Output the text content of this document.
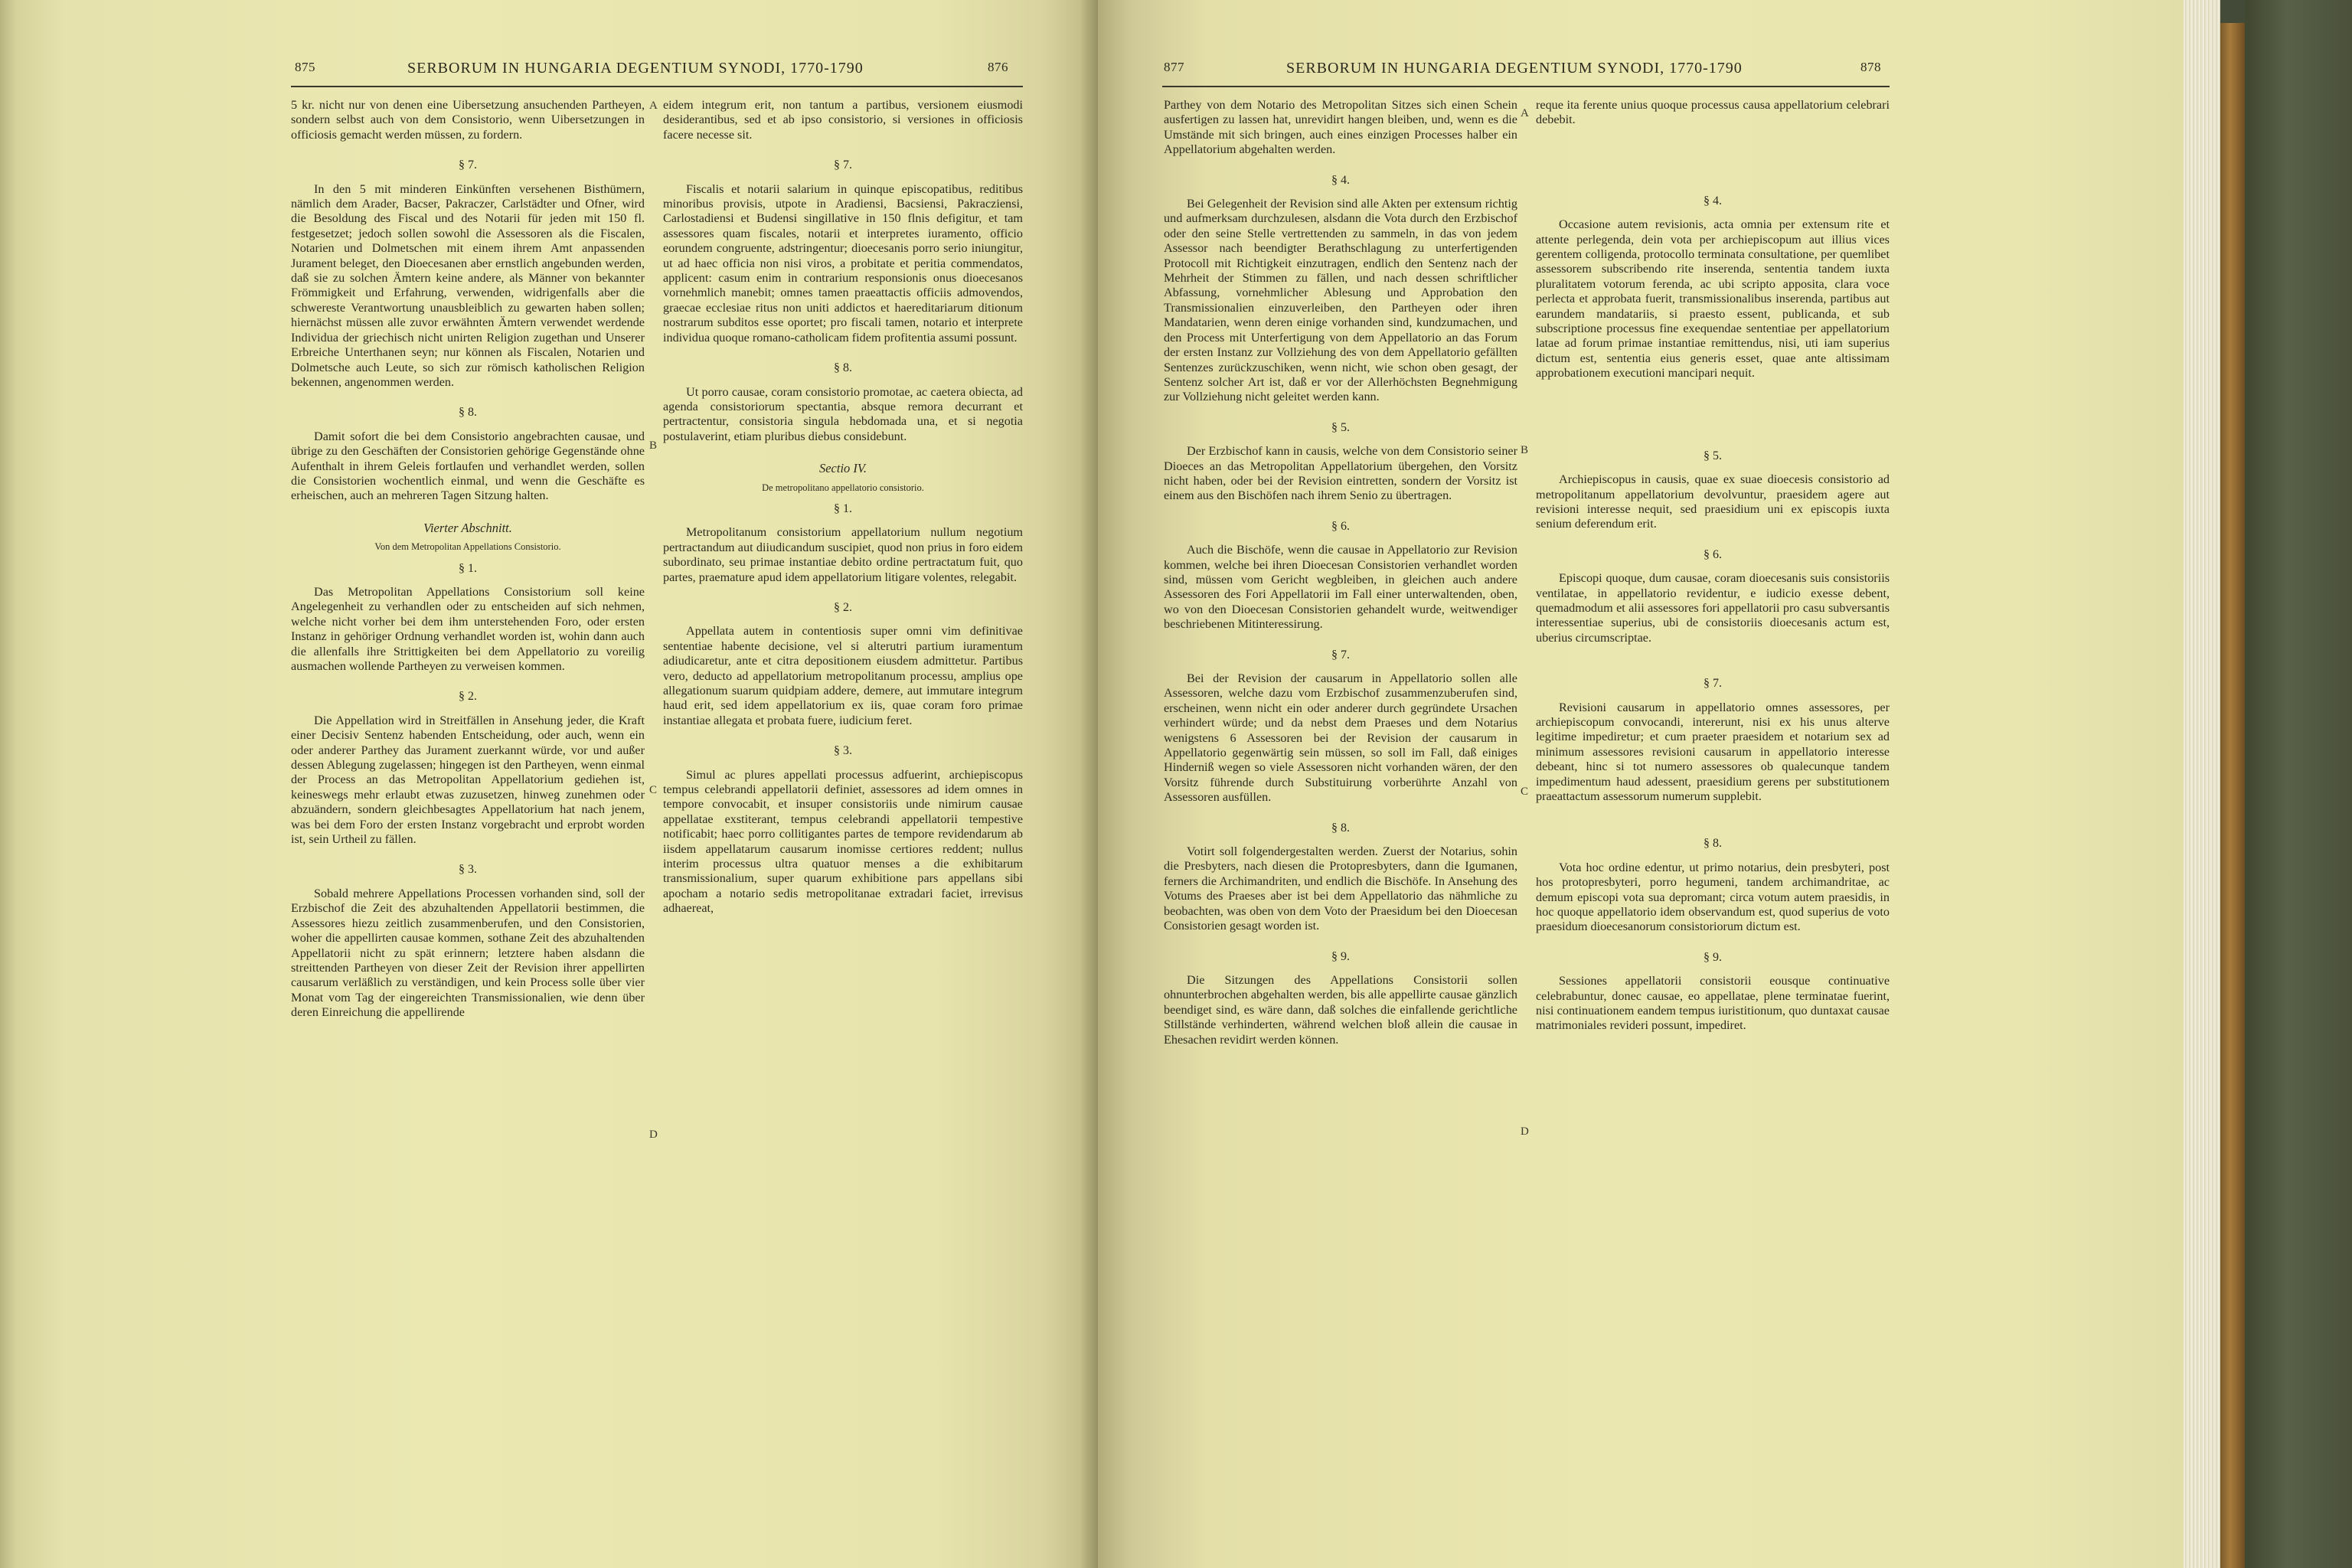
875	SERBORUM IN HUNGARIA DEGENTIUM SYNODI, 1770-1790	876

5 kr. nicht nur von denen eine Uibersetzung ansuchenden Partheyen, sondern selbst auch von dem Consistorio, wenn Uibersetzungen in officiosis gemacht werden müssen, zu fordern.

§ 7.

In den 5 mit minderen Einkünften versehenen Bisthümern, nämlich dem Arader, Bacser, Pakraczer, Carlstädter und Ofner, wird die Besoldung des Fiscal und des Notarii für jeden mit 150 fl. festgesetzet; jedoch sollen sowohl die Assessoren als die Fiscalen, Notarien und Dolmetschen mit einem ihrem Amt anpassenden Jurament beleget, den Dioecesanen aber ernstlich angebunden werden, daß sie zu solchen Ämtern keine andere, als Männer von bekannter Frömmigkeit und Erfahrung, verwenden, widrigenfalls aber die schwereste Verantwortung unausbleiblich zu gewarten haben sollen; hiernächst müssen alle zuvor erwähnten Ämtern verwendet werdende Individua der griechisch nicht unirten Religion zugethan und Unserer Erbreiche Unterthanen seyn; nur können als Fiscalen, Notarien und Dolmetsche auch Leute, so sich zur römisch katholischen Religion bekennen, angenommen werden.

§ 8.

Damit sofort die bei dem Consistorio angebrachten causae, und übrige zu den Geschäften der Consistorien gehörige Gegenstände ohne Aufenthalt in ihrem Geleis fortlaufen und verhandlet werden, sollen die Consistorien wochentlich einmal, und wenn die Geschäfte es erheischen, auch an mehreren Tagen Sitzung halten.

Vierter Abschnitt.
Von dem Metropolitan Appellations Consistorio.
§ 1.

Das Metropolitan Appellations Consistorium soll keine Angelegenheit zu verhandlen oder zu entscheiden auf sich nehmen, welche nicht vorher bei dem ihm unterstehenden Foro, oder ersten Instanz in gehöriger Ordnung verhandlet worden ist, wohin dann auch die allenfalls ihre Strittigkeiten bei dem Appellatorio zu voreilig ausmachen wollende Partheyen zu verweisen kommen.

§ 2.

Die Appellation wird in Streitfällen in Ansehung jeder, die Kraft einer Decisiv Sentenz habenden Entscheidung, oder auch, wenn ein oder anderer Parthey das Jurament zuerkannt würde, vor und außer dessen Ablegung zugelassen; hingegen ist den Partheyen, wenn einmal der Process an das Metropolitan Appellatorium gediehen ist, keineswegs mehr erlaubt etwas zuzusetzen, hinweg zunehmen oder abzuändern, sondern gleichbesagtes Appellatorium hat nach jenem, was bei dem Foro der ersten Instanz vorgebracht und erprobt worden ist, sein Urtheil zu fällen.

§ 3.

Sobald mehrere Appellations Processen vorhanden sind, soll der Erzbischof die Zeit des abzuhaltenden Appellatorii bestimmen, die Assessores hiezu zeitlich zusammenberufen, und den Consistorien, woher die appellirten causae kommen, sothane Zeit des abzuhaltenden Appellatorii nicht zu spät erinnern; letztere haben alsdann die streittenden Partheyen von dieser Zeit der Revision ihrer appellirten causarum verläßlich zu verständigen, und kein Process solle über vier Monat vom Tag der eingereichten Transmissionalien, wie denn über deren Einreichung die appellirende

eidem integrum erit, non tantum a partibus, versionem eiusmodi desiderantibus, sed et ab ipso consistorio, si versiones in officiosis facere necesse sit.

§ 7.

Fiscalis et notarii salarium in quinque episcopatibus, reditibus minoribus provisis, utpote in Aradiensi, Bacsiensi, Pakracziensi, Carlostadiensi et Budensi singillative in 150 flnis defigitur, et tam assessores quam fiscales, notarii et interpretes iuramento, officio eorundem congruente, adstringentur; dioecesanis porro serio iniungitur, ut ad haec officia non nisi viros, a probitate et peritia commendatos, applicent: casum enim in contrarium responsionis onus dioecesanos vornehmlich manebit; omnes tamen praeattactis officiis admovendos, graecae ecclesiae ritus non uniti addictos et haereditariarum ditionum nostrarum subditos esse oportet; pro fiscali tamen, notario et interprete individua quoque romano-catholicam fidem profitentia assumi possunt.

§ 8.

Ut porro causae, coram consistorio promotae, ac caetera obiecta, ad agenda consistoriorum spectantia, absque remora decurrant et pertractentur, consistoria singula hebdomada una, et si negotia postulaverint, etiam pluribus diebus considebunt.

Sectio IV.
De metropolitano appellatorio consistorio.
§ 1.

Metropolitanum consistorium appellatorium nullum negotium pertractandum aut diiudicandum suscipiet, quod non prius in foro eidem subordinato, seu primae instantiae debito ordine pertractatum fuit, quo partes, praemature apud idem appellatorium litigare volentes, relegabit.

§ 2.

Appellata autem in contentiosis super omni vim definitivae sententiae habente decisione, vel si alterutri partium iuramentum adiudicaretur, ante et citra depositionem eiusdem admittetur. Partibus vero, deducto ad appellatorium metropolitanum processu, amplius ope allegationum suarum quidpiam addere, demere, aut immutare integrum haud erit, sed idem appellatorium ex iis, quae coram foro primae instantiae allegata et probata fuere, iudicium feret.

§ 3.

Simul ac plures appellati processus adfuerint, archiepiscopus tempus celebrandi appellatorii definiet, assessores ad idem omnes in tempore convocabit, et insuper consistoriis unde nimirum causae appellatae exstiterant, tempus celebrandi appellatorii tempestive notificabit; haec porro collitigantes partes de tempore revidendarum ab iisdem appellatarum causarum inomisse certiores reddent; nullus interim processus ultra quatuor menses a die exhibitarum transmissionalium, super quarum exhibitione pars appellans sibi apocham a notario sedis metropolitanae extradari faciet, irrevisus adhaereat,

A
B
C
D
877	SERBORUM IN HUNGARIA DEGENTIUM SYNODI, 1770-1790	878

Parthey von dem Notario des Metropolitan Sitzes sich einen Schein ausfertigen zu lassen hat, unrevidirt hangen bleiben, und, wenn es die Umstände mit sich bringen, auch eines einzigen Processes halber ein Appellatorium abgehalten werden.

§ 4.

Bei Gelegenheit der Revision sind alle Akten per extensum richtig und aufmerksam durchzulesen, alsdann die Vota durch den Erzbischof oder den seine Stelle vertrettenden zu sammeln, in das von jedem Assessor nach beendigter Berathschlagung zu unterfertigenden Protocoll mit Richtigkeit einzutragen, endlich den Sentenz nach der Mehrheit der Stimmen zu fällen, und nach dessen schriftlicher Abfassung, vornehmlicher Ablesung und Approbation den Transmissionalien einzuverleiben, den Partheyen oder ihren Mandatarien, wenn deren einige vorhanden sind, kundzumachen, und den Process mit Unterfertigung von dem Appellatorio an das Forum der ersten Instanz zur Vollziehung des von dem Appellatorio gefällten Sentenzes zurückzuschiken, wenn nicht, wie schon oben gesagt, der Sentenz solcher Art ist, daß er vor der Allerhöchsten Begnehmigung zur Vollziehung nicht geleitet werden kann.

§ 5.

Der Erzbischof kann in causis, welche von dem Consistorio seiner Dioeces an das Metropolitan Appellatorium übergehen, den Vorsitz nicht haben, oder bei der Revision eintretten, sondern der Vorsitz ist einem aus den Bischöfen nach ihrem Senio zu übertragen.

§ 6.

Auch die Bischöfe, wenn die causae in Appellatorio zur Revision kommen, welche bei ihren Dioecesan Consistorien verhandlet worden sind, müssen vom Gericht wegbleiben, in gleichen auch andere Assessoren des Fori Appellatorii im Fall einer unterwaltenden, oben, wo von den Dioecesan Consistorien gehandelt wurde, weitwendiger beschriebenen Mitinteressirung.

§ 7.

Bei der Revision der causarum in Appellatorio sollen alle Assessoren, welche dazu vom Erzbischof zusammenzuberufen sind, erscheinen, wenn nicht ein oder anderer durch gegründete Ursachen verhindert würde; und da nebst dem Praeses und dem Notarius wenigstens 6 Assessoren bei der Revision der causarum in Appellatorio gegenwärtig sein müssen, so soll im Fall, daß einiges Hinderniß wegen so viele Assessoren nicht vorhanden wären, der den Vorsitz führende durch Substituirung vorberührte Anzahl von Assessoren ausfüllen.

§ 8.

Votirt soll folgendergestalten werden. Zuerst der Notarius, sohin die Presbyters, nach diesen die Protopresbyters, dann die Igumanen, ferners die Archimandriten, und endlich die Bischöfe. In Ansehung des Votums des Praeses aber ist bei dem Appellatorio das nähmliche zu beobachten, was oben von dem Voto der Praesidum bei den Dioecesan Consistorien gesagt worden ist.

§ 9.

Die Sitzungen des Appellations Consistorii sollen ohnunterbrochen abgehalten werden, bis alle appellirte causae gänzlich beendiget sind, es wäre dann, daß solches die einfallende gerichtliche Stillstände verhinderten, während welchen bloß allein die causae in Ehesachen revidirt werden können.

reque ita ferente unius quoque processus causa appellatorium celebrari debebit.

§ 4.

Occasione autem revisionis, acta omnia per extensum rite et attente perlegenda, dein vota per archiepiscopum aut illius vices gerentem colligenda, protocollo terminata consultatione, per quemlibet assessorem subscribendo rite inserenda, sententia tandem iuxta pluralitatem votorum ferenda, ac ubi scripto apposita, clara voce perlecta et approbata fuerit, transmissionalibus inserenda, partibus aut earundem mandatariis, si praesto essent, publicanda, et sub subscriptione processus fine exequendae sententiae per appellatorium latae ad forum primae instantiae remittendus, nisi, uti iam superius dictum est, sententia eius generis esset, quae ante altissimam approbationem executioni mancipari nequit.

§ 5.

Archiepiscopus in causis, quae ex suae dioecesis consistorio ad metropolitanum appellatorium devolvuntur, praesidem agere aut revisioni interesse nequit, sed praesidium uni ex episcopis iuxta senium deferendum erit.

§ 6.

Episcopi quoque, dum causae, coram dioecesanis suis consistoriis ventilatae, in appellatorio revidentur, e iudicio exesse debent, quemadmodum et alii assessores fori appellatorii pro casu subversantis interessentiae superius, ubi de consistoriis dioecesanis actum est, uberius circumscriptae.

§ 7.

Revisioni causarum in appellatorio omnes assessores, per archiepiscopum convocandi, intererunt, nisi ex his unus alterve legitime impediretur; et cum praeter praesidem et notarium sex ad minimum assessores revisioni causarum in appellatorio interesse debeant, hinc si tot numero assessores ob qualecunque tandem impedimentum haud adessent, praesidium gerens per substitutionem praeattactum assessorum numerum supplebit.

§ 8.

Vota hoc ordine edentur, ut primo notarius, dein presbyteri, post hos protopresbyteri, porro hegumeni, tandem archimandritae, ac demum episcopi vota sua depromant; circa votum autem praesidis, in hoc quoque appellatorio idem observandum est, quod superius de voto praesidum dioecesanorum consistoriorum dictum est.

§ 9.

Sessiones appellatorii consistorii eousque continuative celebrabuntur, donec causae, eo appellatae, plene terminatae fuerint, nisi continuationem eandem tempus iuristitionum, quo duntaxat causae matrimoniales revideri possunt, impediret.

A
B
C
D
